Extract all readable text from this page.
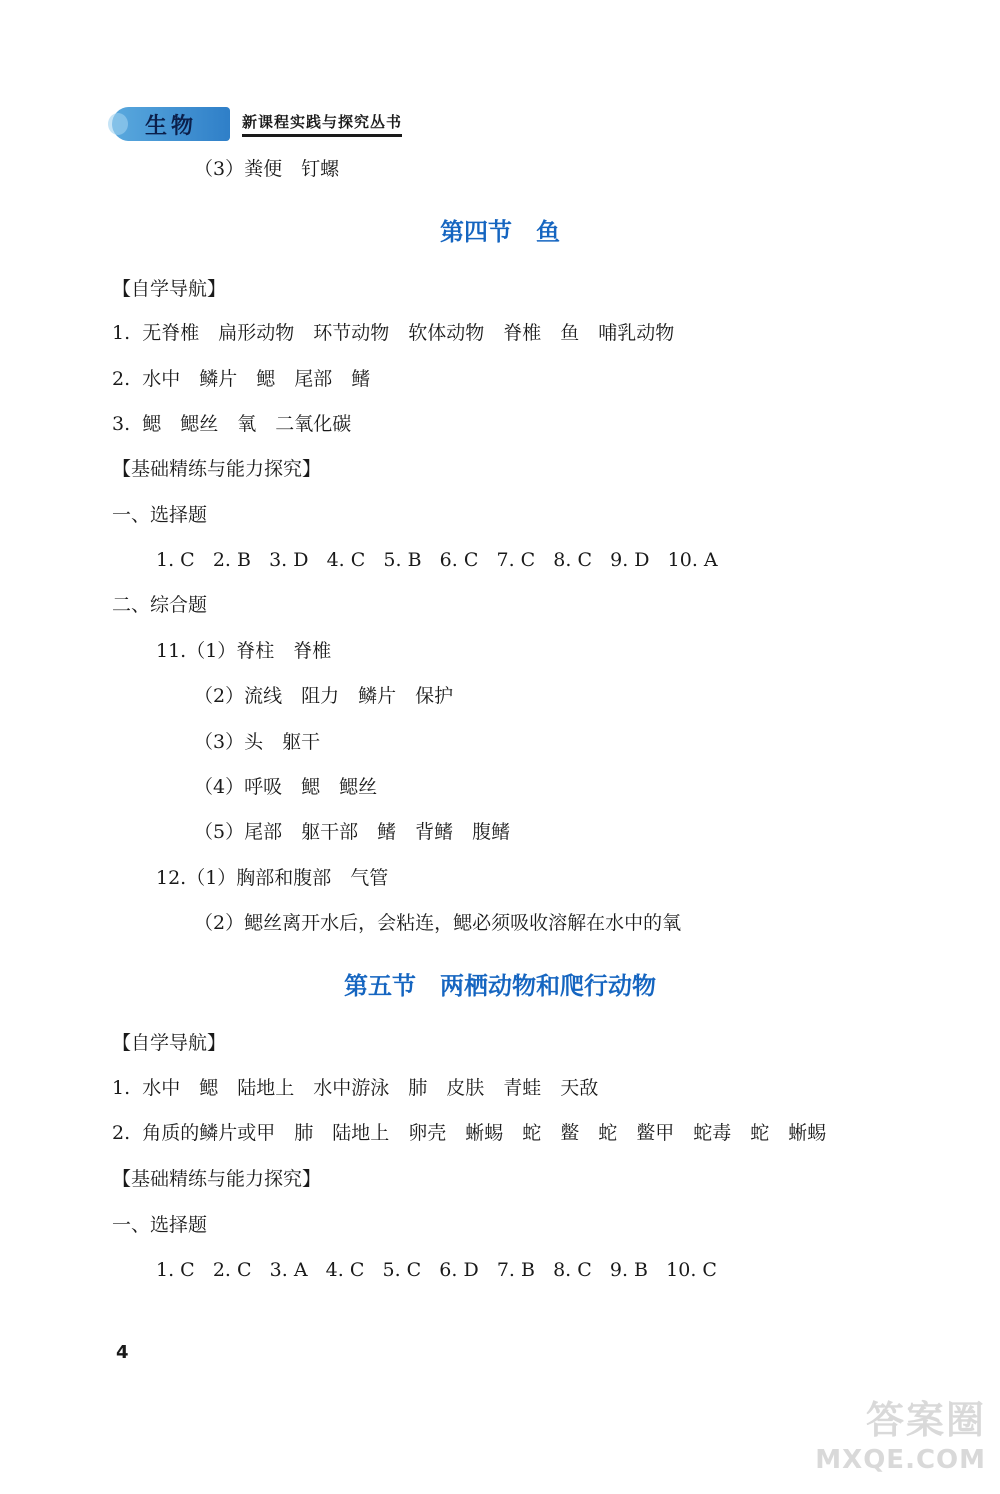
生物	新课程实践与探究丛书
（3）粪便　钉螺
第四节　鱼
【自学导航】
1.  无脊椎　扁形动物　环节动物　软体动物　脊椎　鱼　哺乳动物
2.  水中　鳞片　鳃　尾部　鳍
3.  鳃　鳃丝　氧　二氧化碳
【基础精练与能力探究】
一、选择题
1. C   2. B   3. D   4. C   5. B   6. C   7. C   8. C   9. D   10. A
二、综合题
11.（1）脊柱　脊椎
（2）流线　阻力　鳞片　保护
（3）头　躯干
（4）呼吸　鳃　鳃丝
（5）尾部　躯干部　鳍　背鳍　腹鳍
12.（1）胸部和腹部　气管
（2）鳃丝离开水后，会粘连，鳃必须吸收溶解在水中的氧
第五节　两栖动物和爬行动物
【自学导航】
1.  水中　鳃　陆地上　水中游泳　肺　皮肤　青蛙　天敌
2.  角质的鳞片或甲　肺　陆地上　卵壳　蜥蜴　蛇　鳖　蛇　鳖甲　蛇毒　蛇　蜥蜴
【基础精练与能力探究】
一、选择题
1. C   2. C   3. A   4. C   5. C   6. D   7. B   8. C   9. B   10. C
4
答案圈
MXQE.COM
